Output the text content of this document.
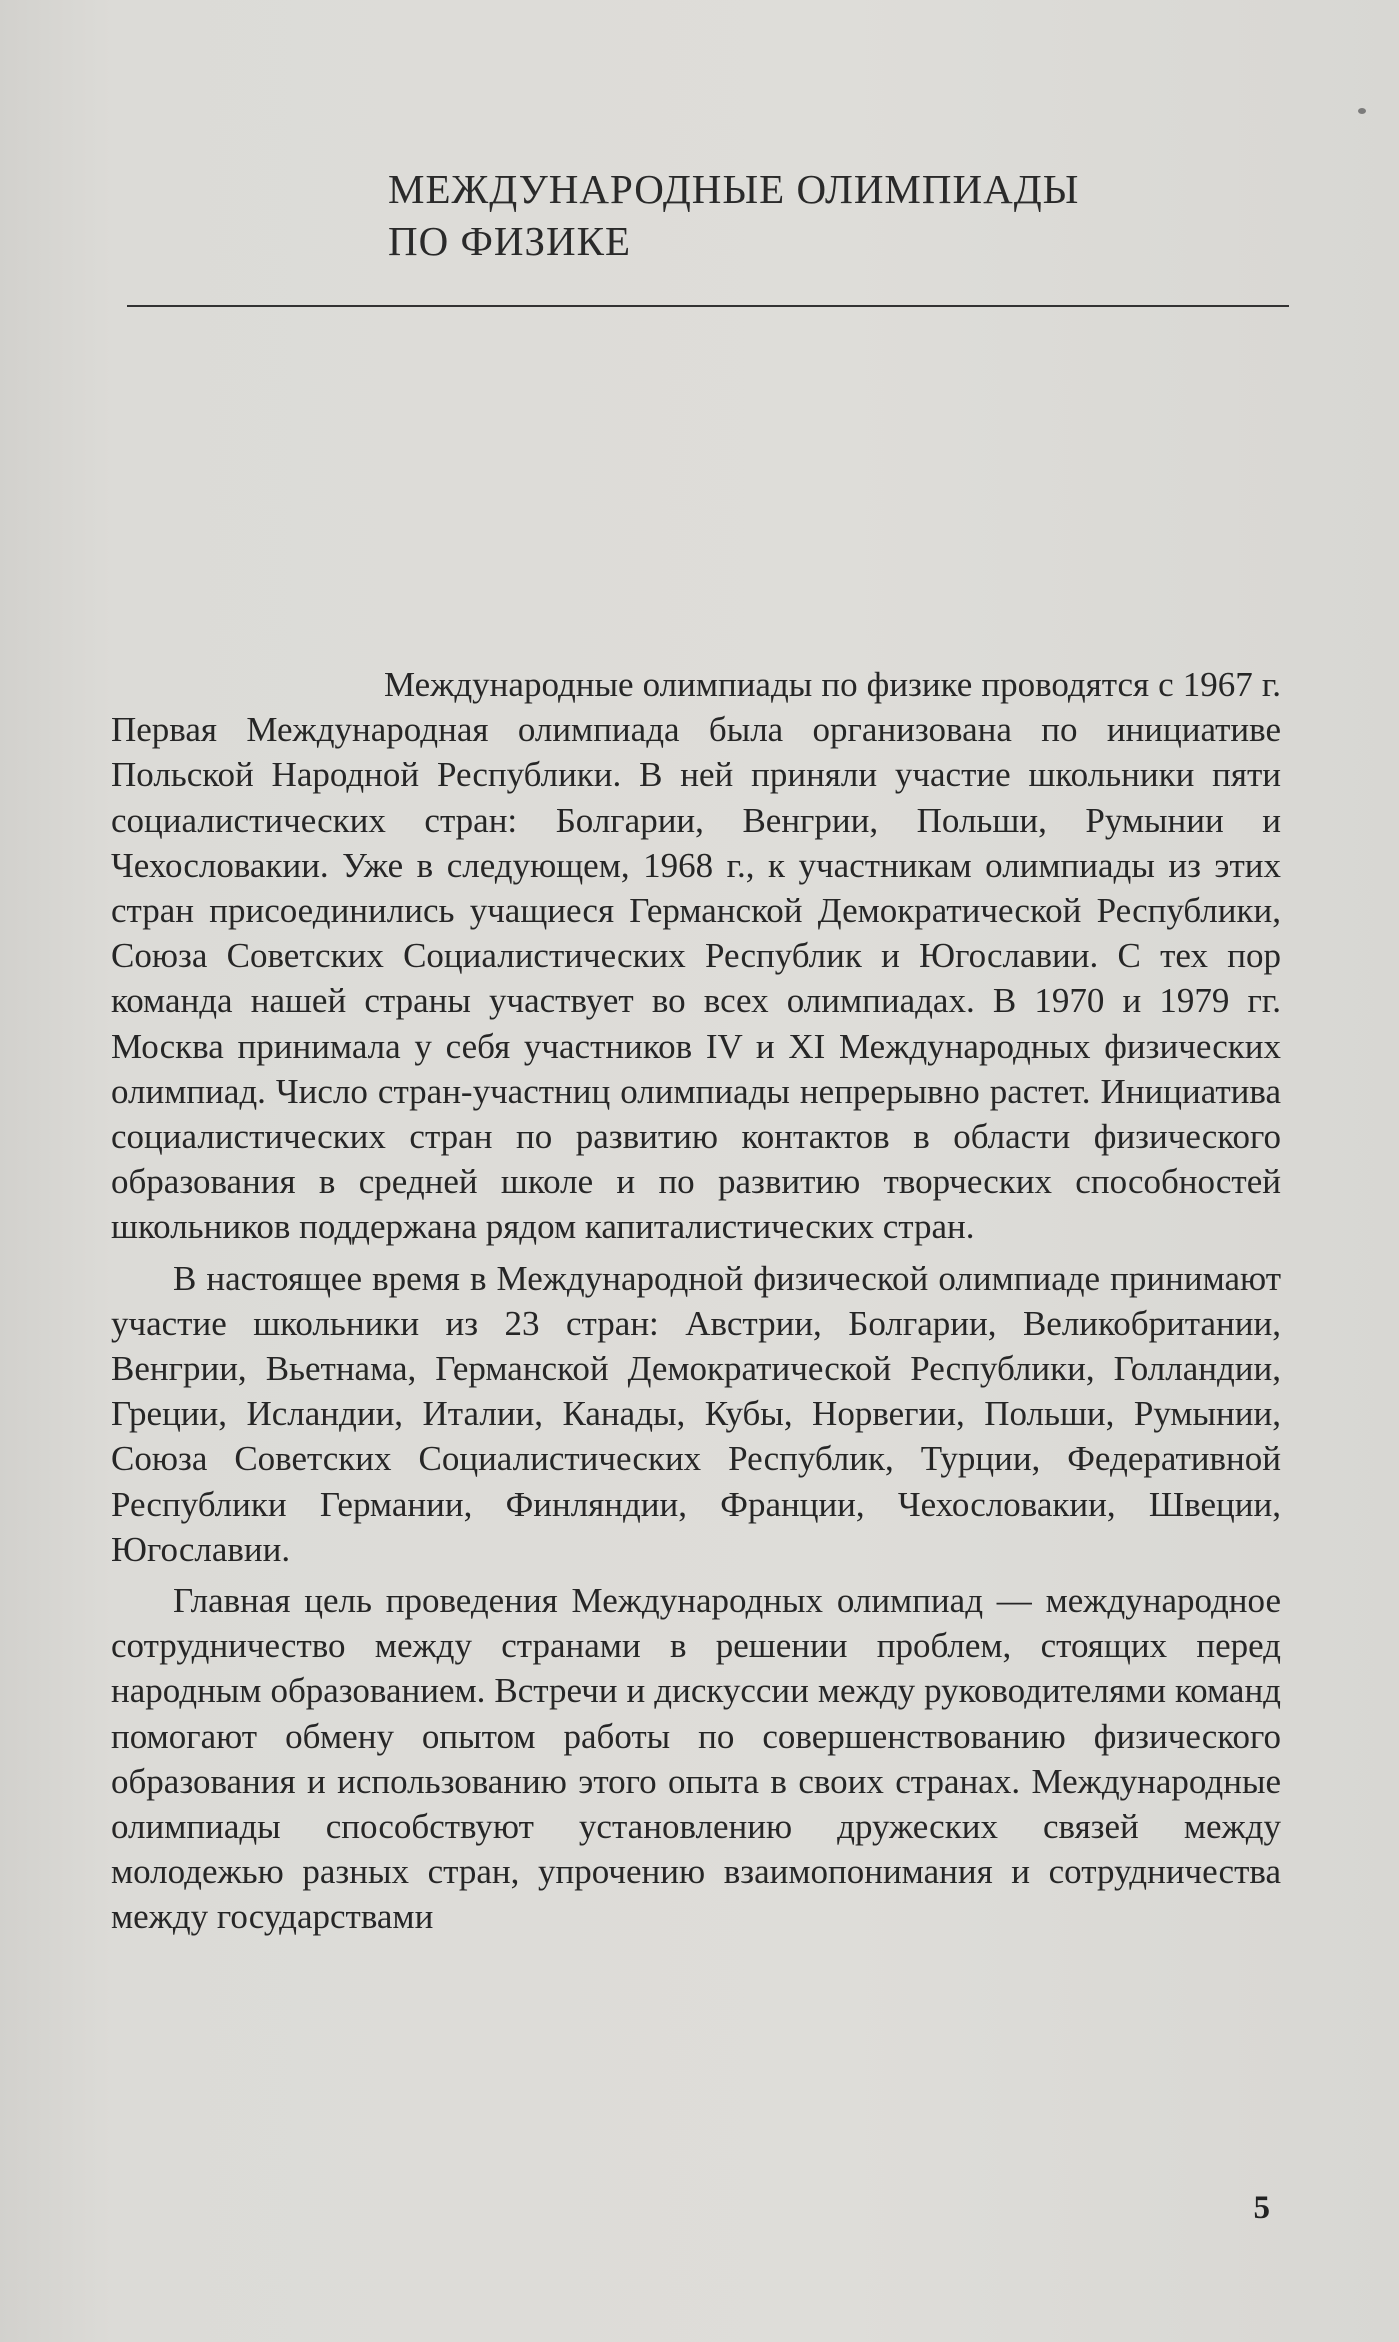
МЕЖДУНАРОДНЫЕ ОЛИМПИАДЫ
ПО ФИЗИКЕ

Международные олимпиады по физике проводятся с 1967 г. Первая Международная олимпиада была организована по инициативе Польской Народной Республики. В ней приняли участие школьники пяти социалистических стран: Болгарии, Венгрии, Польши, Румынии и Чехословакии. Уже в следующем, 1968 г., к участникам олимпиады из этих стран присоединились учащиеся Германской Демократической Республики, Союза Советских Социалистических Республик и Югославии. С тех пор команда нашей страны участвует во всех олимпиадах. В 1970 и 1979 гг. Москва принимала у себя участников IV и XI Международных физических олимпиад. Число стран-участниц олимпиады непрерывно растет. Инициатива социалистических стран по развитию контактов в области физического образования в средней школе и по развитию творческих способностей школьников поддержана рядом капиталистических стран.

В настоящее время в Международной физической олимпиаде принимают участие школьники из 23 стран: Австрии, Болгарии, Великобритании, Венгрии, Вьетнама, Германской Демократической Республики, Голландии, Греции, Исландии, Италии, Канады, Кубы, Норвегии, Польши, Румынии, Союза Советских Социалистических Республик, Турции, Федеративной Республики Германии, Финляндии, Франции, Чехословакии, Швеции, Югославии.

Главная цель проведения Международных олимпиад — международное сотрудничество между странами в решении проблем, стоящих перед народным образованием. Встречи и дискуссии между руководителями команд помогают обмену опытом работы по совершенствованию физического образования и использованию этого опыта в своих странах. Международные олимпиады способствуют установлению дружеских связей между молодежью разных стран, упрочению взаимопонимания и сотрудничества между государствами

5
